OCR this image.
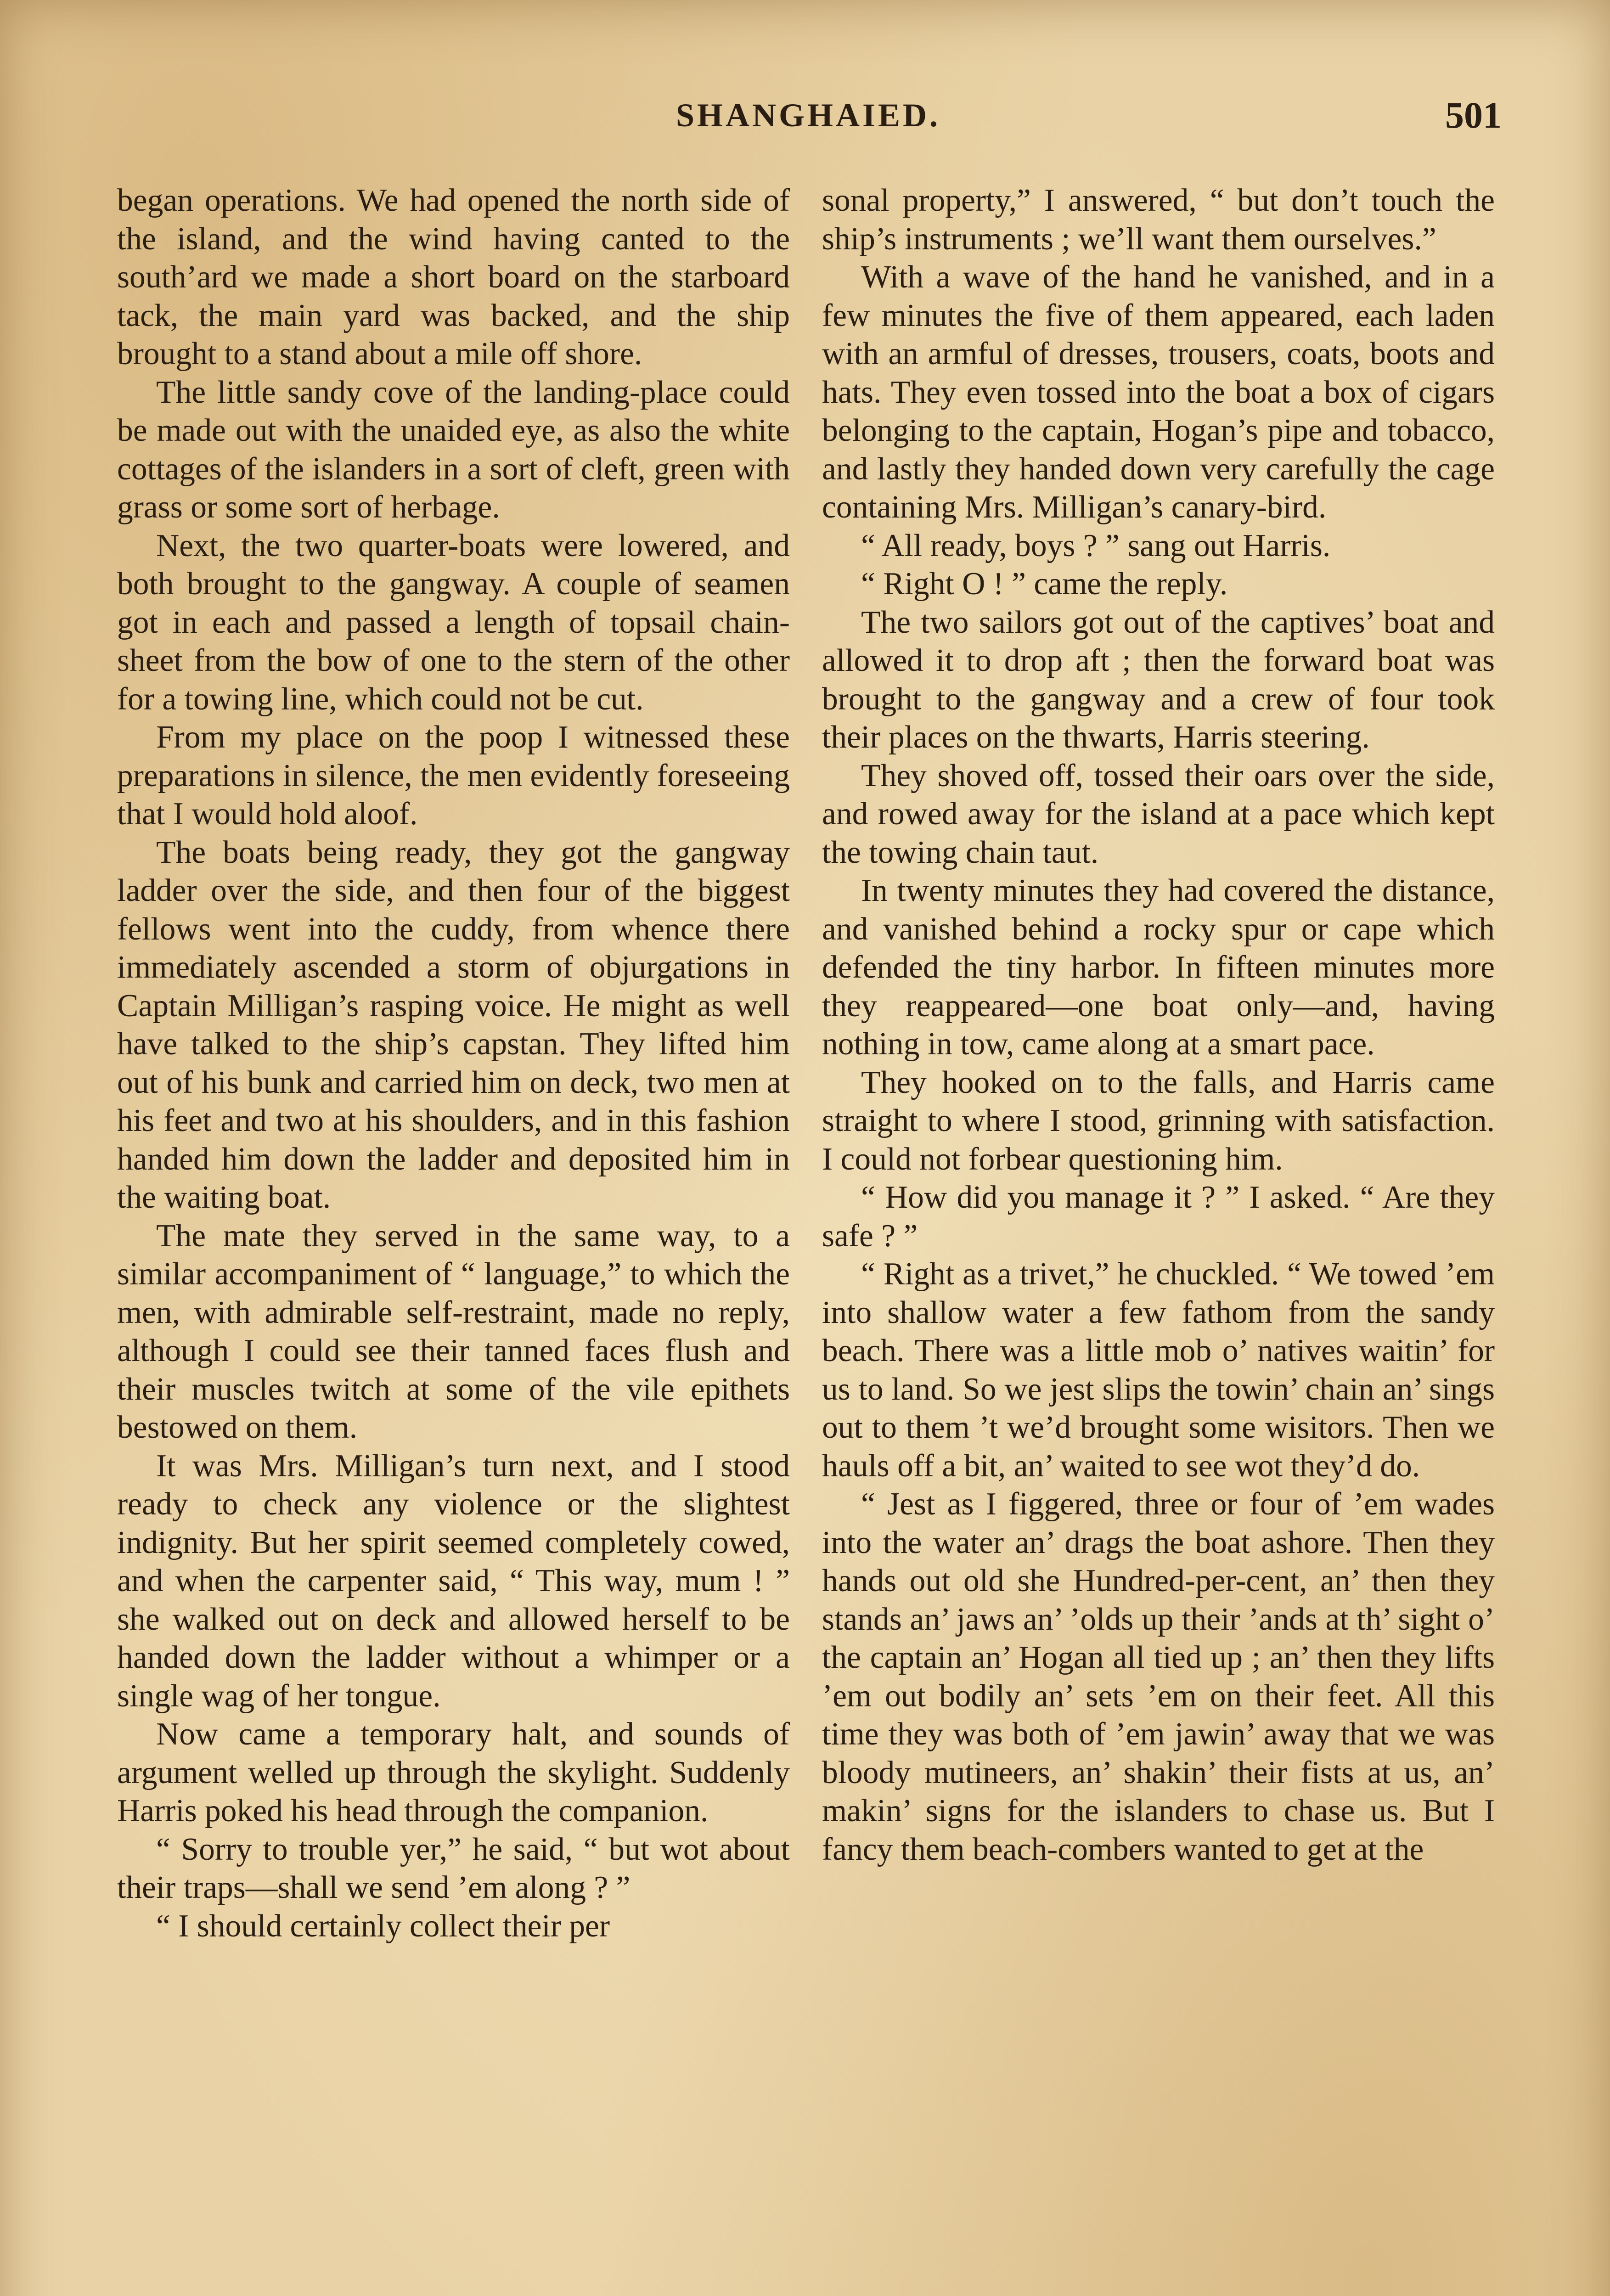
SHANGHAIED.	501

began operations. We had opened the north side of the island, and the wind having canted to the south’ard we made a short board on the starboard tack, the main yard was backed, and the ship brought to a stand about a mile off shore.

The little sandy cove of the landing-place could be made out with the unaided eye, as also the white cottages of the islanders in a sort of cleft, green with grass or some sort of herbage.

Next, the two quarter-boats were lowered, and both brought to the gangway. A couple of seamen got in each and passed a length of topsail chain-sheet from the bow of one to the stern of the other for a towing line, which could not be cut.

From my place on the poop I witnessed these preparations in silence, the men evidently foreseeing that I would hold aloof.

The boats being ready, they got the gangway ladder over the side, and then four of the biggest fellows went into the cuddy, from whence there immediately ascended a storm of objurgations in Captain Milligan’s rasping voice. He might as well have talked to the ship’s capstan. They lifted him out of his bunk and carried him on deck, two men at his feet and two at his shoulders, and in this fashion handed him down the ladder and deposited him in the waiting boat.

The mate they served in the same way, to a similar accompaniment of “ language,” to which the men, with admirable self-restraint, made no reply, although I could see their tanned faces flush and their muscles twitch at some of the vile epithets bestowed on them.

It was Mrs. Milligan’s turn next, and I stood ready to check any violence or the slightest indignity. But her spirit seemed completely cowed, and when the carpenter said, “ This way, mum ! ” she walked out on deck and allowed herself to be handed down the ladder without a whimper or a single wag of her tongue.

Now came a temporary halt, and sounds of argument welled up through the skylight. Suddenly Harris poked his head through the companion.

“ Sorry to trouble yer,” he said, “ but wot about their traps—shall we send ’em along ? ”

“ I should certainly collect their per

sonal property,” I answered, “ but don’t touch the ship’s instruments ; we’ll want them ourselves.”

With a wave of the hand he vanished, and in a few minutes the five of them appeared, each laden with an armful of dresses, trousers, coats, boots and hats. They even tossed into the boat a box of cigars belonging to the captain, Hogan’s pipe and tobacco, and lastly they handed down very carefully the cage containing Mrs. Milligan’s canary-bird.

“ All ready, boys ? ” sang out Harris.

“ Right O ! ” came the reply.

The two sailors got out of the captives’ boat and allowed it to drop aft ; then the forward boat was brought to the gangway and a crew of four took their places on the thwarts, Harris steering.

They shoved off, tossed their oars over the side, and rowed away for the island at a pace which kept the towing chain taut.

In twenty minutes they had covered the distance, and vanished behind a rocky spur or cape which defended the tiny harbor. In fifteen minutes more they reappeared—one boat only—and, having nothing in tow, came along at a smart pace.

They hooked on to the falls, and Harris came straight to where I stood, grinning with satisfaction. I could not forbear questioning him.

“ How did you manage it ? ” I asked. “ Are they safe ? ”

“ Right as a trivet,” he chuckled. “ We towed ’em into shallow water a few fathom from the sandy beach. There was a little mob o’ natives waitin’ for us to land. So we jest slips the towin’ chain an’ sings out to them ’t we’d brought some wisitors. Then we hauls off a bit, an’ waited to see wot they’d do.

“ Jest as I figgered, three or four of ’em wades into the water an’ drags the boat ashore. Then they hands out old she Hundred-per-cent, an’ then they stands an’ jaws an’ ’olds up their ’ands at th’ sight o’ the captain an’ Hogan all tied up ; an’ then they lifts ’em out bodily an’ sets ’em on their feet. All this time they was both of ’em jawin’ away that we was bloody mutineers, an’ shakin’ their fists at us, an’ makin’ signs for the islanders to chase us. But I fancy them beach-combers wanted to get at the
